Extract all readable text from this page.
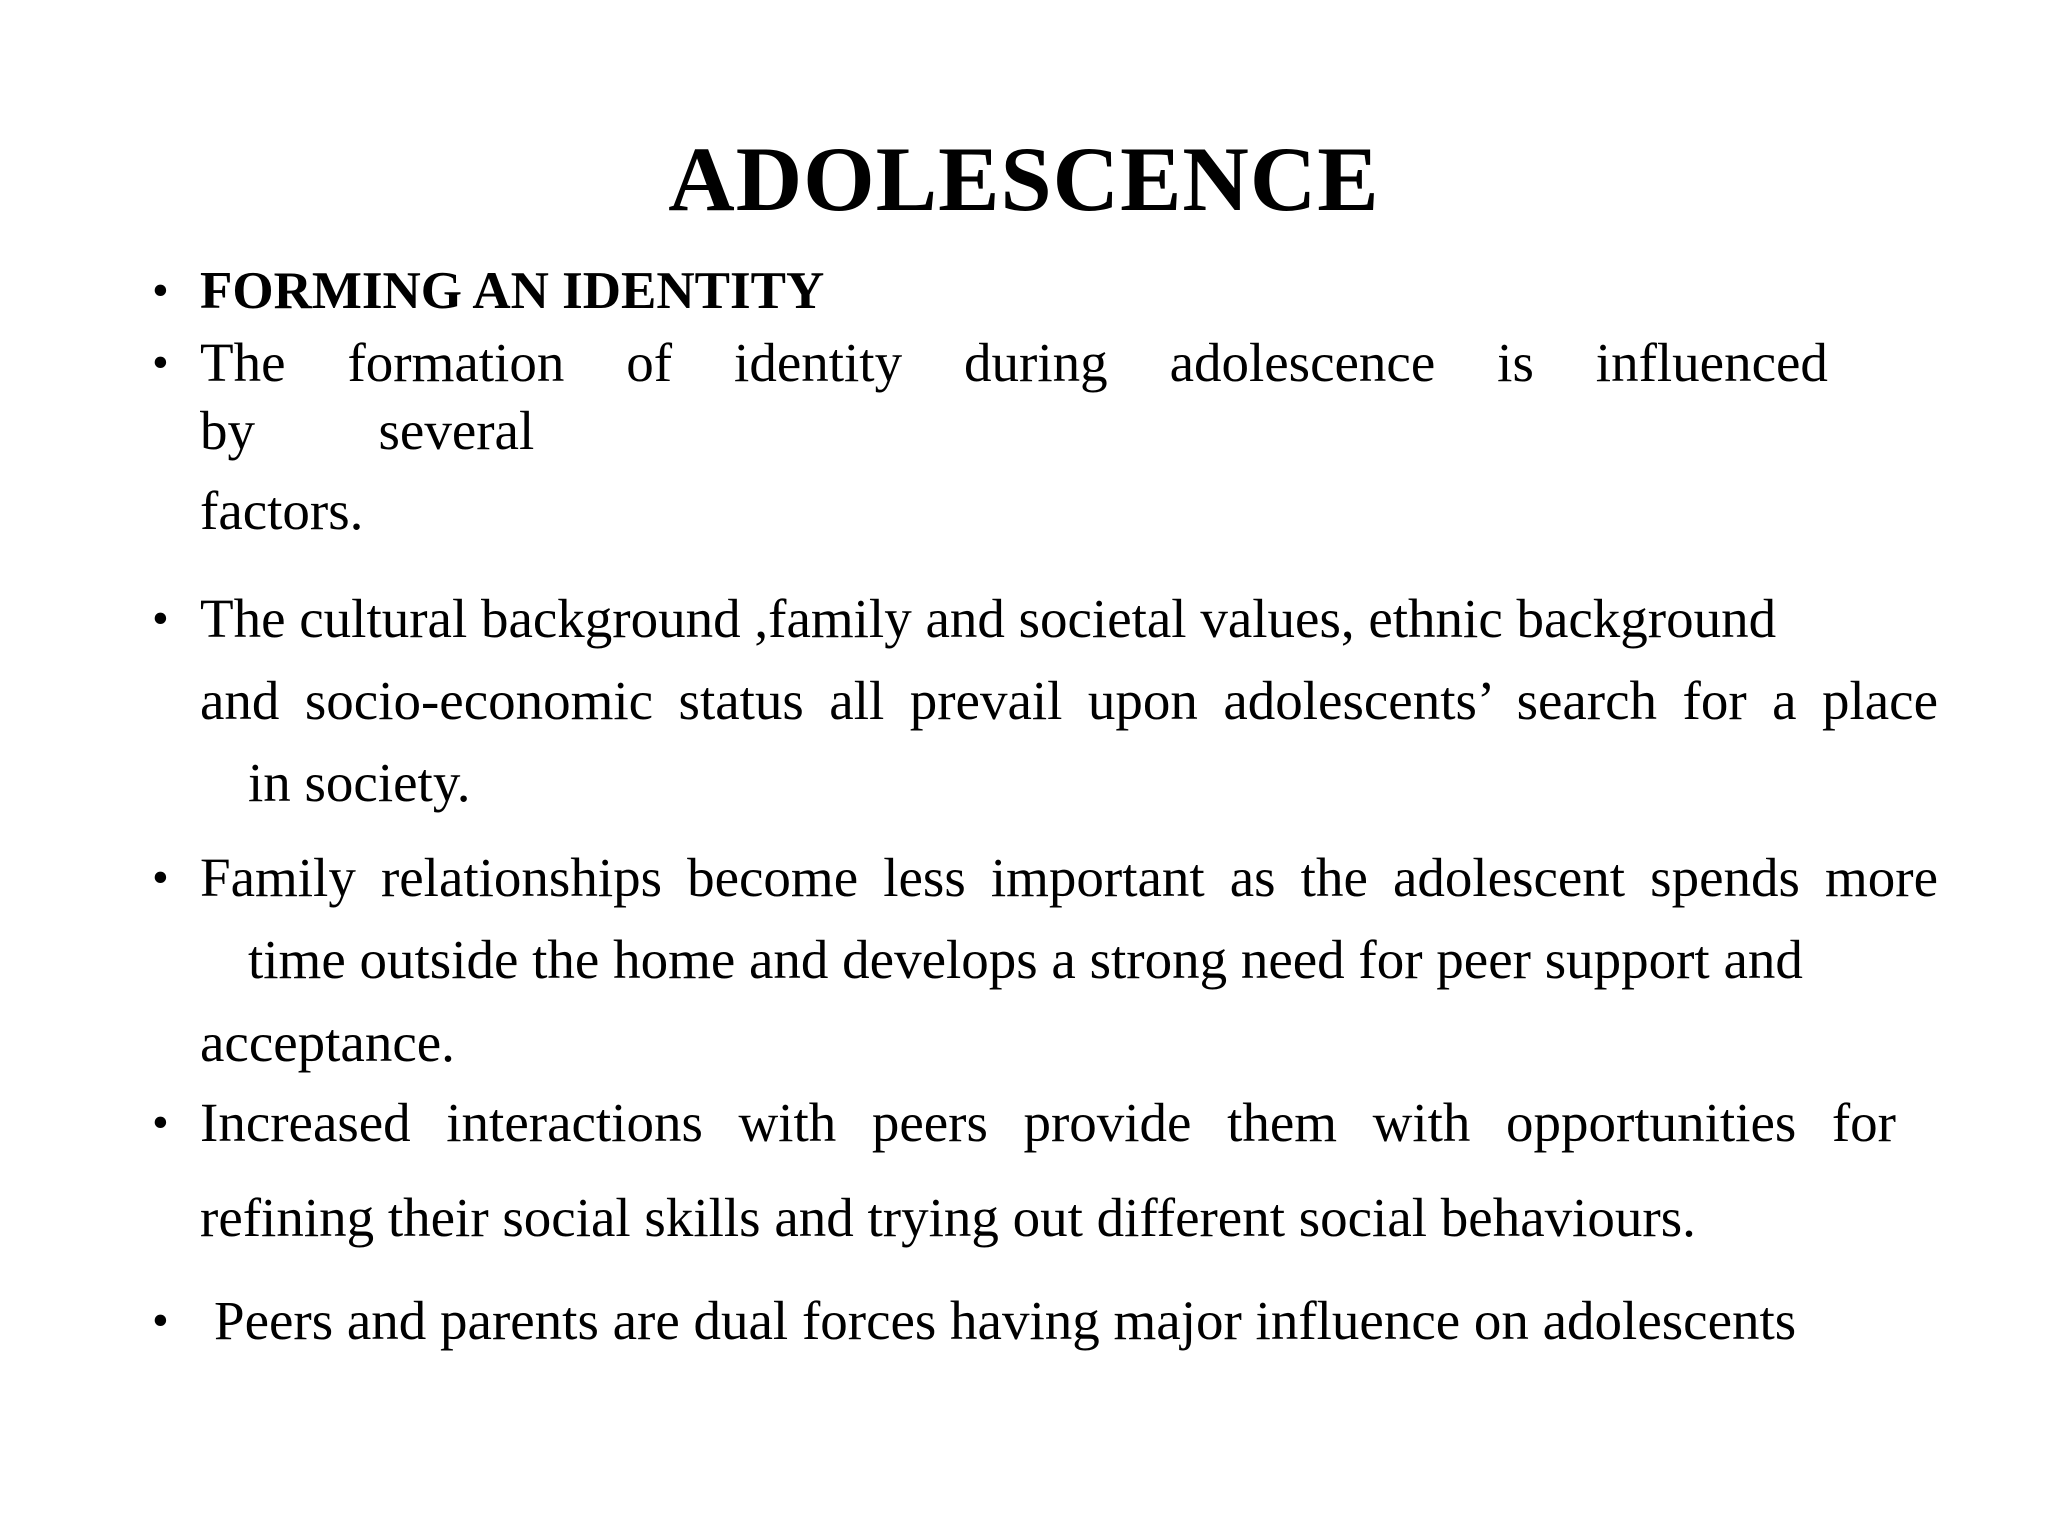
ADOLESCENCE
• FORMING AN IDENTITY
• The formation of identity during adolescence is influenced
by several
factors.
• The cultural background ,family and societal values, ethnic background
and socio-economic status all prevail upon adolescents’ search for a place
in society.
• Family relationships become less important as the adolescent spends more
time outside the home and develops a strong need for peer support and
acceptance.
• Increased interactions with peers provide them with opportunities for
refining their social skills and trying out different social behaviours.
• Peers and parents are dual forces having major influence on adolescents
